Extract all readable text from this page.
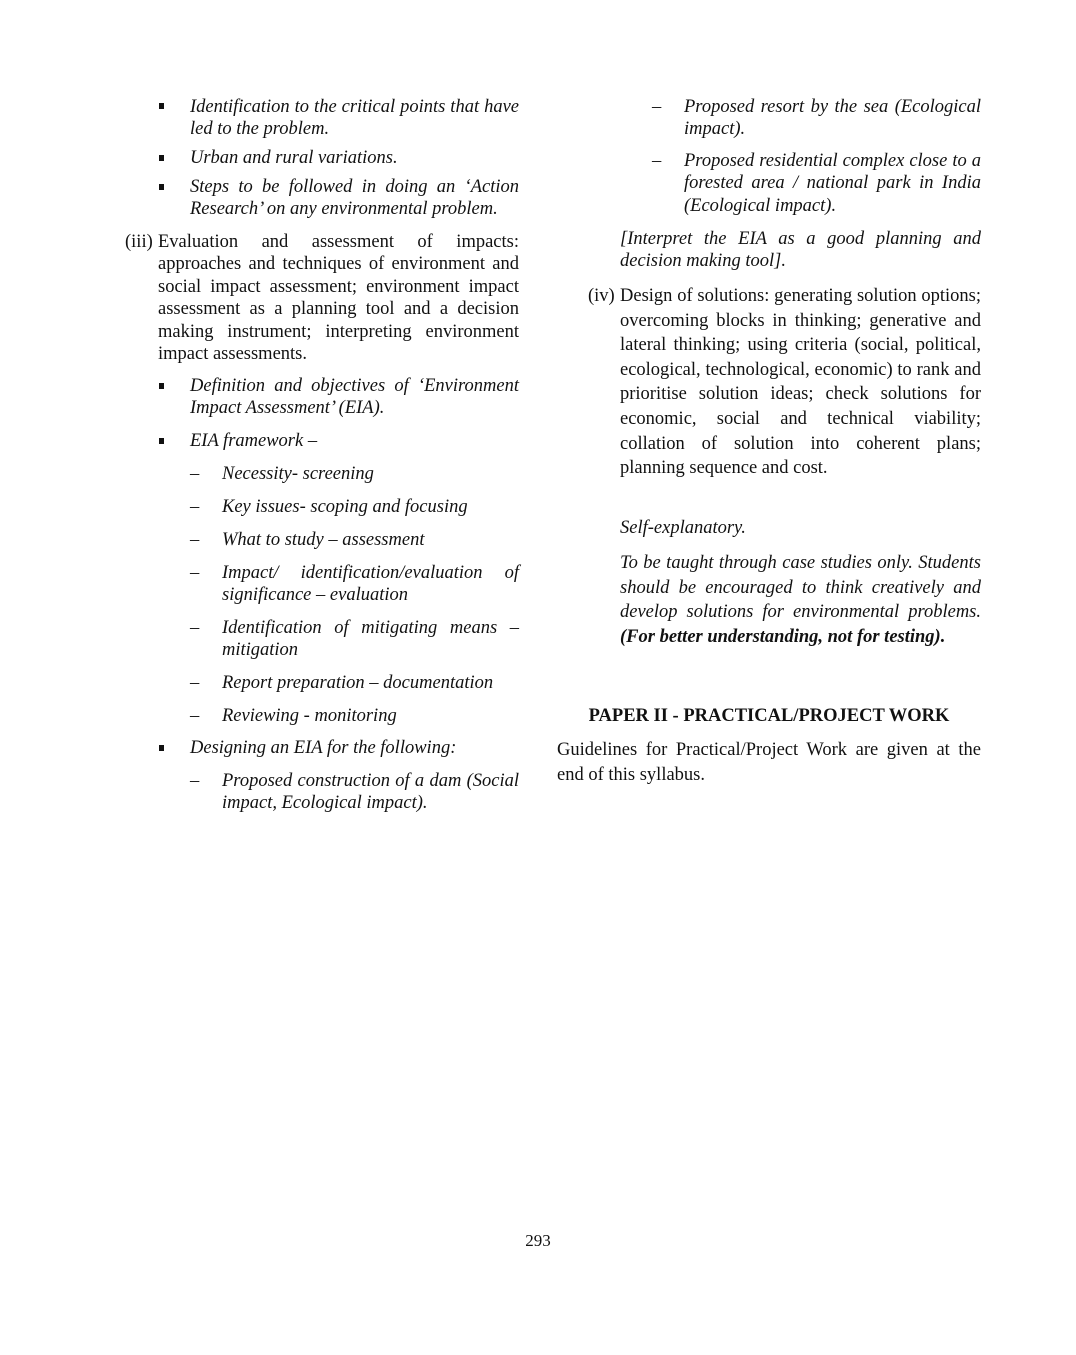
Identification to the critical points that have led to the problem.
Urban and rural variations.
Steps to be followed in doing an ‘Action Research’ on any environmental problem.
(iii) Evaluation and assessment of impacts: approaches and techniques of environment and social impact assessment; environment impact assessment as a planning tool and a decision making instrument; interpreting environment impact assessments.
Definition and objectives of ‘Environment Impact Assessment’ (EIA).
EIA framework –
– Necessity- screening
– Key issues- scoping and focusing
– What to study – assessment
– Impact/ identification/evaluation of significance – evaluation
– Identification of mitigating means – mitigation
– Report preparation – documentation
– Reviewing - monitoring
Designing an EIA for the following:
– Proposed construction of a dam (Social impact, Ecological impact).
– Proposed resort by the sea (Ecological impact).
– Proposed residential complex close to a forested area / national park in India (Ecological impact).
[Interpret the EIA as a good planning and decision making tool].
(iv) Design of solutions: generating solution options; overcoming blocks in thinking; generative and lateral thinking; using criteria (social, political, ecological, technological, economic) to rank and prioritise solution ideas; check solutions for economic, social and technical viability; collation of solution into coherent plans; planning sequence and cost.
Self-explanatory.
To be taught through case studies only. Students should be encouraged to think creatively and develop solutions for environmental problems. (For better understanding, not for testing).
PAPER II - PRACTICAL/PROJECT WORK
Guidelines for Practical/Project Work are given at the end of this syllabus.
293
